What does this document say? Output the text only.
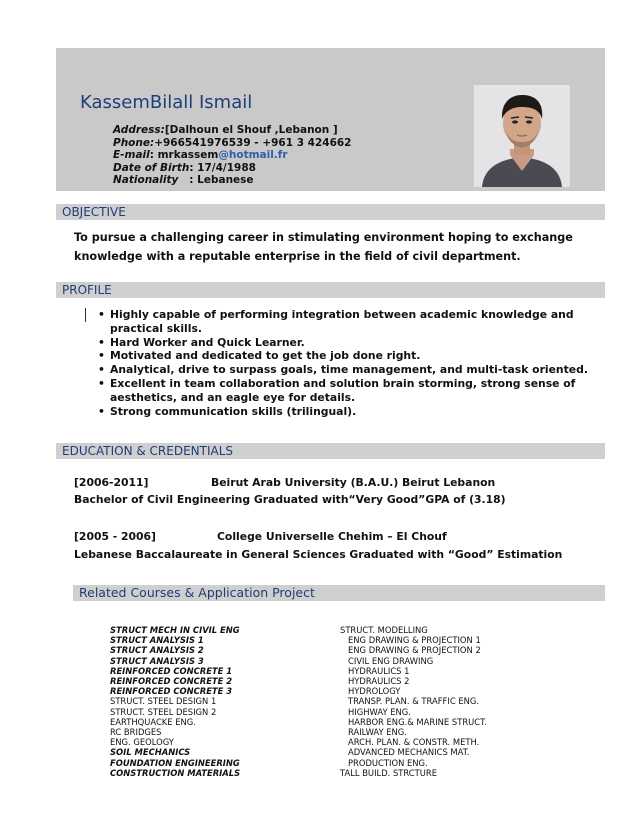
KassemBilall Ismail
Address:[Dalhoun el Shouf ,Lebanon ]
Phone:+966541976539 - +961 3 424662
E-mail: mrkassem@hotmail.fr
Date of Birth: 17/4/1988
Nationality   : Lebanese
OBJECTIVE
To pursue a challenging career in stimulating environment hoping to exchange
knowledge with a reputable enterprise in the field of civil department.
PROFILE
• Highly capable of performing integration between academic knowledge and practical skills.
• Hard Worker and Quick Learner.
• Motivated and dedicated to get the job done right.
• Analytical, drive to surpass goals, time management, and multi-task oriented.
• Excellent in team collaboration and solution brain storming, strong sense of aesthetics, and an eagle eye for details.
• Strong communication skills (trilingual).
EDUCATION & CREDENTIALS
[2006-2011]	Beirut Arab University (B.A.U.) Beirut Lebanon
Bachelor of Civil Engineering Graduated with“Very Good”GPA of (3.18)
[2005 - 2006]	College Universelle Chehim – El Chouf
Lebanese Baccalaureate in General Sciences Graduated with “Good” Estimation
Related Courses & Application Project
STRUCT MECH IN CIVIL ENG
STRUCT ANALYSIS 1
STRUCT ANALYSIS 2
STRUCT ANALYSIS 3
REINFORCED CONCRETE 1
REINFORCED CONCRETE 2
REINFORCED CONCRETE 3
STRUCT. STEEL DESIGN 1
STRUCT. STEEL DESIGN 2
EARTHQUACKE ENG.
RC BRIDGES
ENG. GEOLOGY
SOIL MECHANICS
FOUNDATION ENGINEERING
CONSTRUCTION MATERIALS
STRUCT. MODELLING
ENG DRAWING & PROJECTION 1
ENG DRAWING & PROJECTION 2
CIVIL ENG DRAWING
HYDRAULICS 1
HYDRAULICS 2
HYDROLOGY
TRANSP. PLAN. & TRAFFIC ENG.
HIGHWAY ENG.
HARBOR ENG.& MARINE STRUCT.
RAILWAY ENG.
ARCH. PLAN. & CONSTR. METH.
ADVANCED MECHANICS MAT.
PRODUCTION ENG.
TALL BUILD. STRCTURE
